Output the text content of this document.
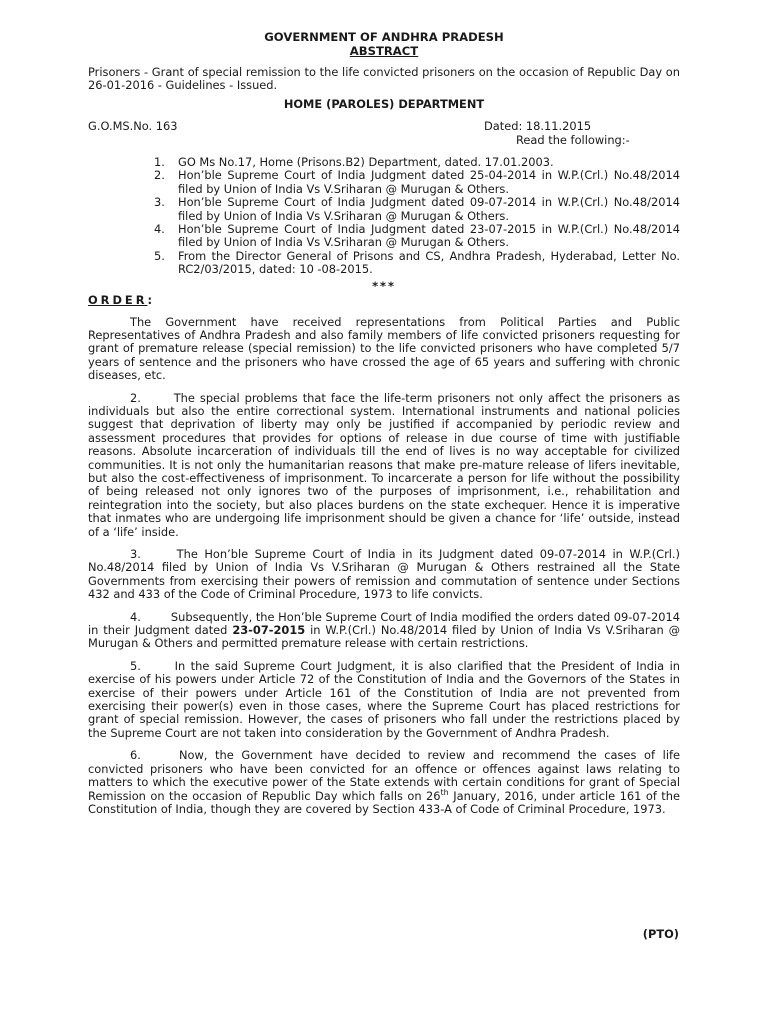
GOVERNMENT OF ANDHRA PRADESH
ABSTRACT
Prisoners - Grant of special remission to the life convicted prisoners on the occasion of Republic Day on 26-01-2016 - Guidelines - Issued.
HOME (PAROLES) DEPARTMENT
G.O.MS.No. 163	Dated: 18.11.2015
Read the following:-
1.	GO Ms No.17, Home (Prisons.B2) Department, dated. 17.01.2003.
2.	Hon’ble Supreme Court of India Judgment dated 25-04-2014 in W.P.(Crl.) No.48/2014 filed by Union of India Vs V.Sriharan @ Murugan & Others.
3.	Hon’ble Supreme Court of India Judgment dated 09-07-2014 in W.P.(Crl.) No.48/2014 filed by Union of India Vs V.Sriharan @ Murugan & Others.
4.	Hon’ble Supreme Court of India Judgment dated 23-07-2015 in W.P.(Crl.) No.48/2014 filed by Union of India Vs V.Sriharan @ Murugan & Others.
5.	From the Director General of Prisons and CS, Andhra Pradesh, Hyderabad, Letter No. RC2/03/2015, dated: 10 -08-2015.
***
ORDER:
The Government have received representations from Political Parties and Public Representatives of Andhra Pradesh and also family members of life convicted prisoners requesting for grant of premature release (special remission) to the life convicted prisoners who have completed 5/7 years of sentence and the prisoners who have crossed the age of 65 years and suffering with chronic diseases, etc.
2.  	The special problems that face the life-term prisoners not only affect the prisoners as individuals but also the entire correctional system. International instruments and national policies suggest that deprivation of liberty may only be justified if accompanied by periodic review and assessment procedures that provides for options of release in due course of time with justifiable reasons. Absolute incarceration of individuals till the end of lives is no way acceptable for civilized communities. It is not only the humanitarian reasons that make pre-mature release of lifers inevitable, but also the cost-effectiveness of imprisonment. To incarcerate a person for life without the possibility of being released not only ignores two of the purposes of imprisonment, i.e., rehabilitation and reintegration into the society, but also places burdens on the state exchequer. Hence it is imperative that inmates who are undergoing life imprisonment should be given a chance for ‘life’ outside, instead of a ‘life’ inside.
3.  	The Hon’ble Supreme Court of India in its Judgment dated 09-07-2014 in W.P.(Crl.) No.48/2014 filed by Union of India Vs V.Sriharan @ Murugan & Others restrained all the State Governments from exercising their powers of remission and commutation of sentence under Sections 432 and 433 of the Code of Criminal Procedure, 1973 to life convicts.
4.  	Subsequently, the Hon’ble Supreme Court of India modified the orders dated 09-07-2014 in their Judgment dated 23-07-2015 in W.P.(Crl.) No.48/2014 filed by Union of India Vs V.Sriharan @ Murugan & Others and permitted premature release with certain restrictions.
5.  	In the said Supreme Court Judgment, it is also clarified that the President of India in exercise of his powers under Article 72 of the Constitution of India and the Governors of the States in exercise of their powers under Article 161 of the Constitution of India are not prevented from exercising their power(s) even in those cases, where the Supreme Court has placed restrictions for grant of special remission. However, the cases of prisoners who fall under the restrictions placed by the Supreme Court are not taken into consideration by the Government of Andhra Pradesh.
6.  	Now, the Government have decided to review and recommend the cases of life convicted prisoners who have been convicted for an offence or offences against laws relating to matters to which the executive power of the State extends with certain conditions for grant of Special Remission on the occasion of Republic Day which falls on 26th January, 2016, under article 161 of the Constitution of India, though they are covered by Section 433-A of Code of Criminal Procedure, 1973.
(PTO)
